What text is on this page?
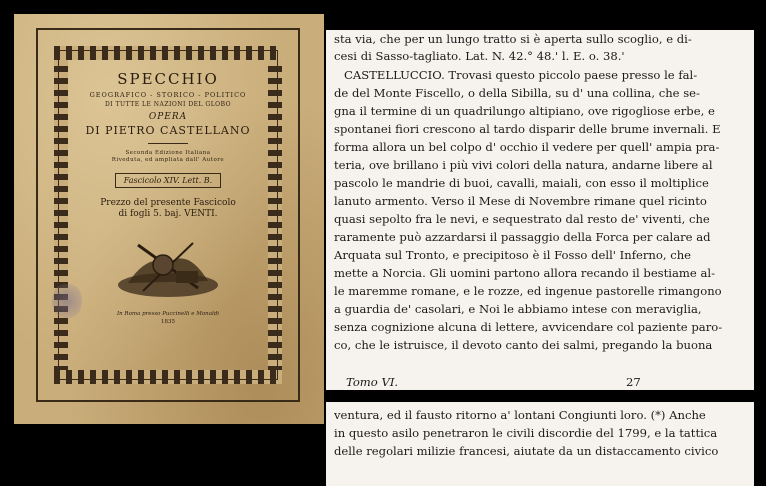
SPECCHIO
GEOGRAFICO - STORICO - POLITICO
DI TUTTE LE NAZIONI DEL GLOBO
OPERA
DI PIETRO CASTELLANO
Seconda Edizione Italiana
Riveduta, ed ampliata dall' Autore
Fascicolo XIV. Lett. B.
Prezzo del presente Fascicolo
di fogli 5. baj. VENTI.
In Roma presso Puccinelli e Monaldi
1835
sta via, che per un lungo tratto si è aperta sullo scoglio, e di-
cesi di Sasso-tagliato. Lat. N. 42.° 48.' l. E. o. 38.'
CASTELLUCCIO. Trovasi questo piccolo paese presso le fal-
de del Monte Fiscello, o della Sibilla, su d' una collina, che se-
gna il termine di un quadrilungo altipiano, ove rigogliose erbe, e
spontanei fiori crescono al tardo disparir delle brume invernali. E
forma allora un bel colpo d' occhio il vedere per quell' ampia pra-
teria, ove brillano i più vivi colori della natura, andarne libere al
pascolo le mandrie di buoi, cavalli, maiali, con esso il moltiplice
lanuto armento. Verso il Mese di Novembre rimane quel ricinto
quasi sepolto fra le nevi, e sequestrato dal resto de' viventi, che
raramente può azzardarsi il passaggio della Forca per calare ad
Arquata sul Tronto, e precipitoso è il Fosso dell' Inferno, che
mette a Norcia. Gli uomini partono allora recando il bestiame al-
le maremme romane, e le rozze, ed ingenue pastorelle rimangono
a guardia de' casolari, e Noi le abbiamo intese con meraviglia,
senza cognizione alcuna di lettere, avvicendare col paziente paro-
co, che le istruisce, il devoto canto dei salmi, pregando la buona
Tomo VI.	27
ventura, ed il fausto ritorno a' lontani Congiunti loro. (*) Anche
in questo asilo penetraron le civili discordie del 1799, e la tattica
delle regolari milizie francesi, aiutate da un distaccamento civico
